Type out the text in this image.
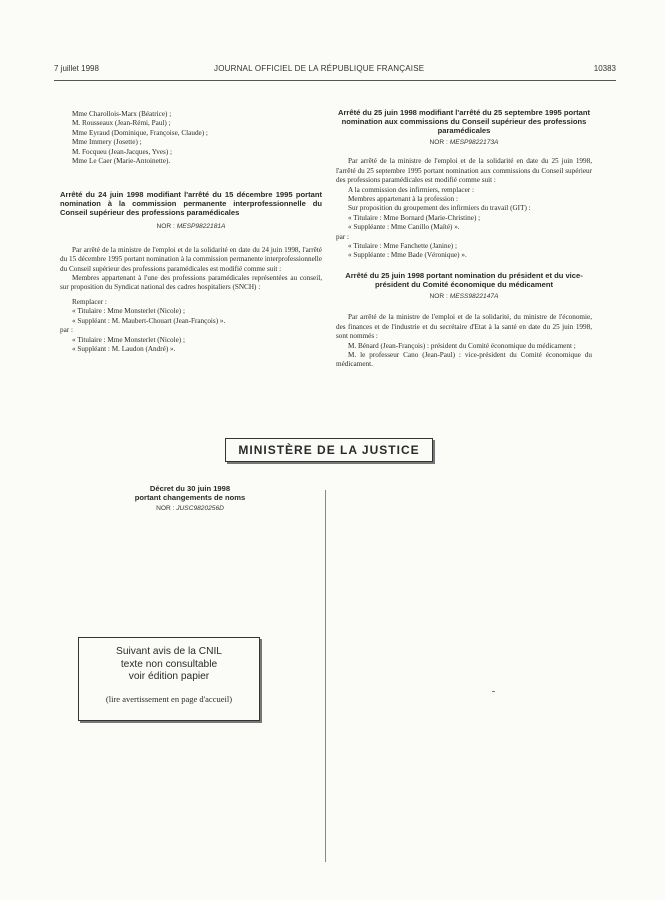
7 juillet 1998	JOURNAL OFFICIEL DE LA RÉPUBLIQUE FRANÇAISE	10383

Mme Charollois-Marx (Béatrice) ;

M. Rousseaux (Jean-Rémi, Paul) ;

Mme Eyraud (Dominique, Françoise, Claude) ;

Mme Immery (Josette) ;

M. Focqueu (Jean-Jacques, Yves) ;

Mme Le Caer (Marie-Antoinette).

Arrêté du 24 juin 1998 modifiant l'arrêté du 15 décembre 1995 portant nomination à la commission permanente interprofessionnelle du Conseil supérieur des professions paramédicales

NOR : MESP9822181A

Par arrêté de la ministre de l'emploi et de la solidarité en date du 24 juin 1998, l'arrêté du 15 décembre 1995 portant nomination à la commission permanente interprofessionnelle du Conseil supérieur des professions paramédicales est modifié comme suit :

Membres appartenant à l'une des professions paramédicales représentées au conseil, sur proposition du Syndicat national des cadres hospitaliers (SNCH) :

Remplacer :

« Titulaire : Mme Monsterlet (Nicole) ;

« Suppléant : M. Maubert-Chouart (Jean-François) ».

par :

« Titulaire : Mme Monsterlet (Nicole) ;

« Suppléant : M. Laudon (André) ».

Arrêté du 25 juin 1998 modifiant l'arrêté du 25 septembre 1995 portant nomination aux commissions du Conseil supérieur des professions paramédicales

NOR : MESP9822173A

Par arrêté de la ministre de l'emploi et de la solidarité en date du 25 juin 1998, l'arrêté du 25 septembre 1995 portant nomination aux commissions du Conseil supérieur des professions paramédicales est modifié comme suit :

A la commission des infirmiers, remplacer :

Membres appartenant à la profession :

Sur proposition du groupement des infirmiers du travail (GIT) :

« Titulaire : Mme Bornard (Marie-Christine) ;

« Suppléante : Mme Canillo (Maïté) ».

par :

« Titulaire : Mme Fanchette (Janine) ;

« Suppléante : Mme Bade (Véronique) ».

Arrêté du 25 juin 1998 portant nomination du président et du vice-président du Comité économique du médicament

NOR : MESS9822147A

Par arrêté de la ministre de l'emploi et de la solidarité, du ministre de l'économie, des finances et de l'industrie et du secrétaire d'Etat à la santé en date du 25 juin 1998, sont nommés :

M. Bénard (Jean-François) : président du Comité économique du médicament ;

M. le professeur Cano (Jean-Paul) : vice-président du Comité économique du médicament.

MINISTÈRE DE LA JUSTICE

Décret du 30 juin 1998

portant changements de noms

NOR : JUSC9820256D

Suivant avis de la CNIL
texte non consultable
voir édition papier
(lire avertissement en page d'accueil)
